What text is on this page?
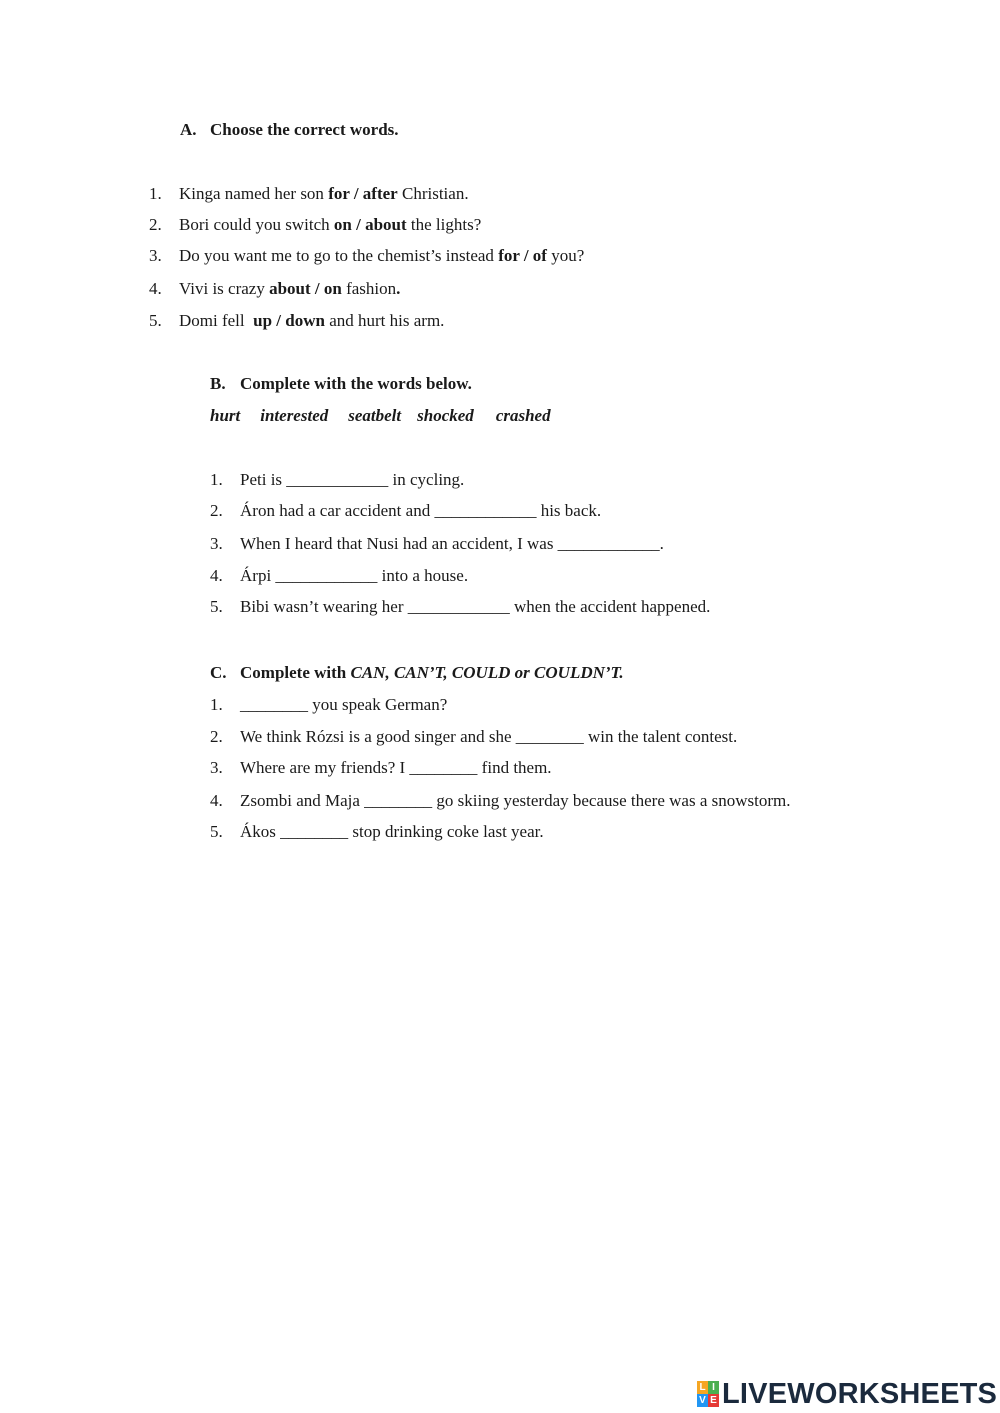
A. Choose the correct words.
1. Kinga named her son for / after Christian.
2. Bori could you switch on / about the lights?
3. Do you want me to go to the chemist’s instead for / of you?
4. Vivi is crazy about / on fashion.
5. Domi fell  up / down and hurt his arm.
B. Complete with the words below.
hurt interested seatbelt shocked crashed
1. Peti is ____________ in cycling.
2. Áron had a car accident and ____________ his back.
3. When I heard that Nusi had an accident, I was ____________.
4. Árpi ____________ into a house.
5. Bibi wasn’t wearing her ____________ when the accident happened.
C. Complete with CAN, CAN’T, COULD or COULDN’T.
1. ________ you speak German?
2. We think Rózsi is a good singer and she ________ win the talent contest.
3. Where are my friends? I ________ find them.
4. Zsombi and Maja ________ go skiing yesterday because there was a snowstorm.
5. Ákos ________ stop drinking coke last year.
L I
V E LIVEWORKSHEETS
